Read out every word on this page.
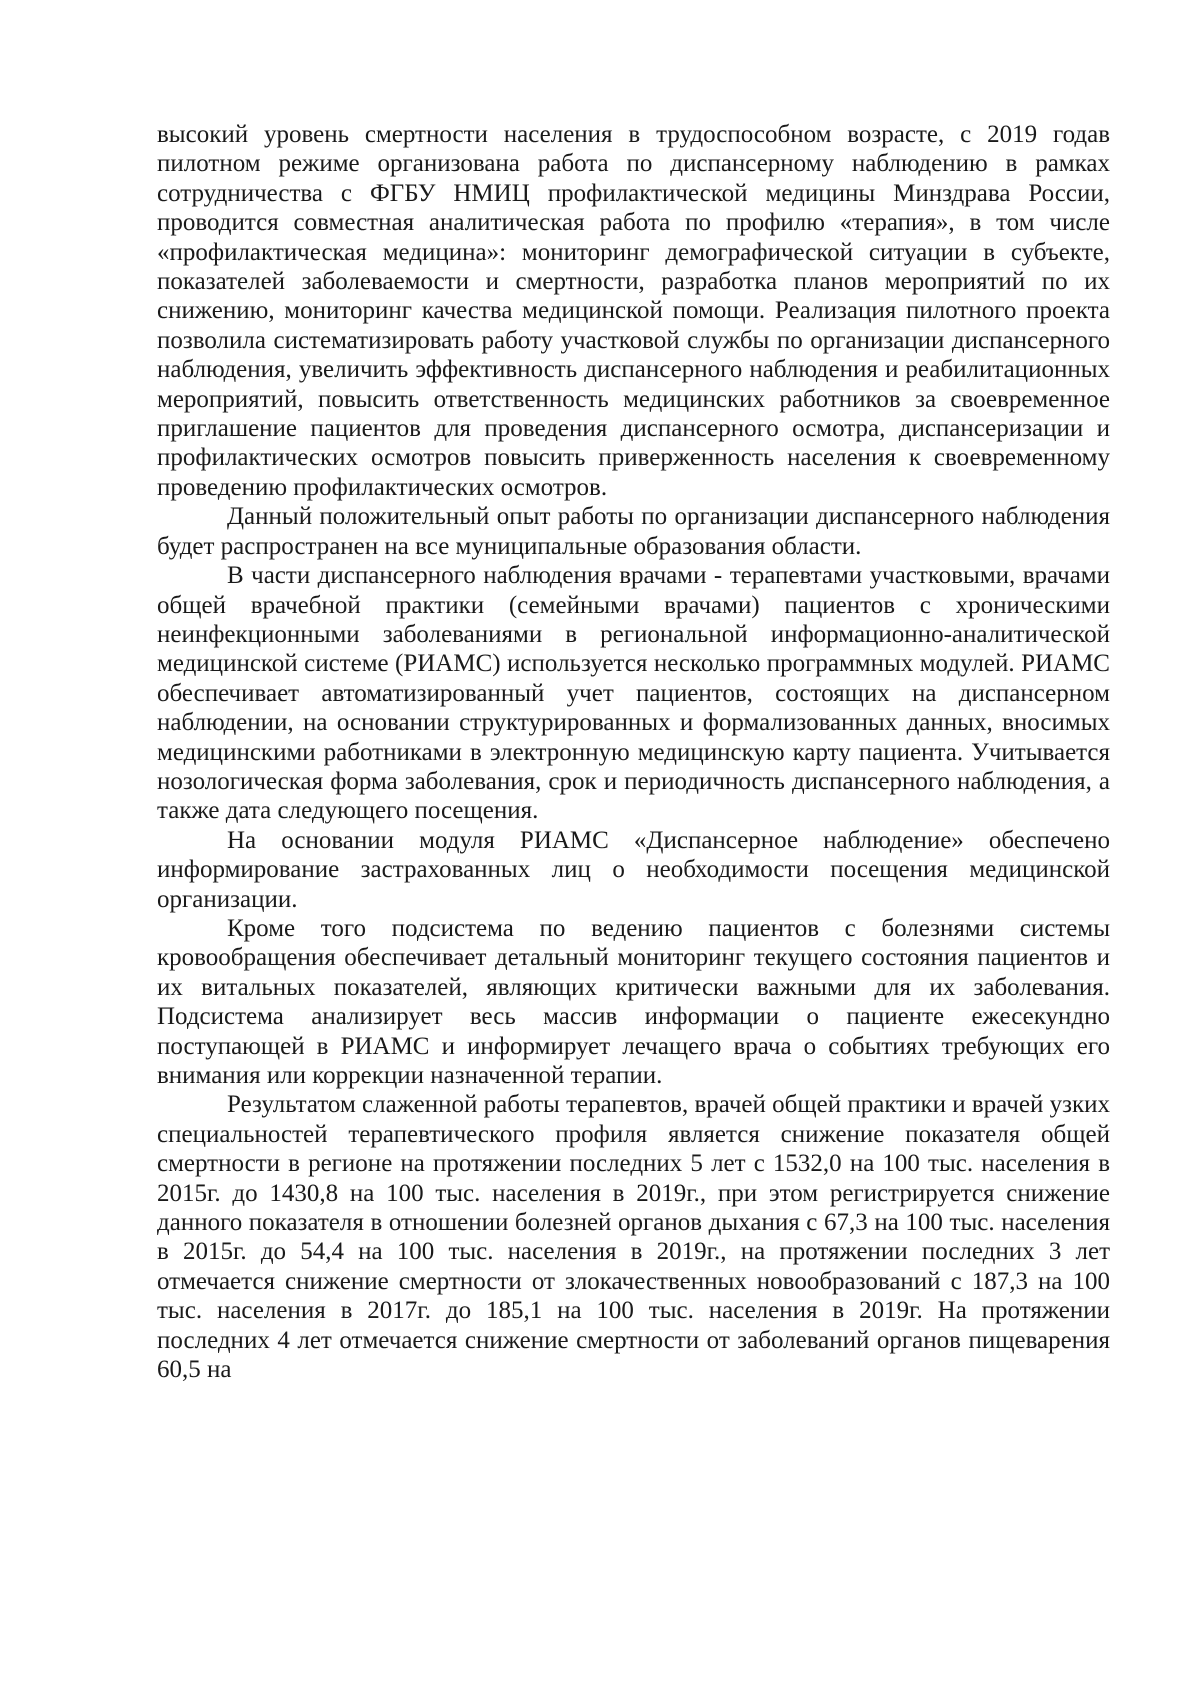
высокий уровень смертности населения в трудоспособном возрасте, с 2019 годав пилотном режиме организована работа по диспансерному наблюдению в рамках сотрудничества с ФГБУ НМИЦ профилактической медицины Минздрава России, проводится совместная аналитическая работа по профилю «терапия», в том числе «профилактическая медицина»: мониторинг демографической ситуации в субъекте, показателей заболеваемости и смертности, разработка планов мероприятий по их снижению, мониторинг качества медицинской помощи. Реализация пилотного проекта позволила систематизировать работу участковой службы по организации диспансерного наблюдения, увеличить эффективность диспансерного наблюдения и реабилитационных мероприятий, повысить ответственность медицинских работников за своевременное приглашение пациентов для проведения диспансерного осмотра, диспансеризации и профилактических осмотров повысить приверженность населения к своевременному проведению профилактических осмотров.

Данный положительный опыт работы по организации диспансерного наблюдения будет распространен на все муниципальные образования области.

В части диспансерного наблюдения врачами - терапевтами участковыми, врачами общей врачебной практики (семейными врачами) пациентов с хроническими неинфекционными заболеваниями в региональной информационно-аналитической медицинской системе (РИАМС) используется несколько программных модулей. РИАМС обеспечивает автоматизированный учет пациентов, состоящих на диспансерном наблюдении, на основании структурированных и формализованных данных, вносимых медицинскими работниками в электронную медицинскую карту пациента. Учитывается нозологическая форма заболевания, срок и периодичность диспансерного наблюдения, а также дата следующего посещения.

На основании модуля РИАМС «Диспансерное наблюдение» обеспечено информирование застрахованных лиц о необходимости посещения медицинской организации.

Кроме того подсистема по ведению пациентов с болезнями системы кровообращения обеспечивает детальный мониторинг текущего состояния пациентов и их витальных показателей, являющих критически важными для их заболевания. Подсистема анализирует весь массив информации о пациенте ежесекундно поступающей в РИАМС и информирует лечащего врача о событиях требующих его внимания или коррекции назначенной терапии.

Результатом слаженной работы терапевтов, врачей общей практики и врачей узких специальностей терапевтического профиля является снижение показателя общей смертности в регионе на протяжении последних 5 лет с 1532,0 на 100 тыс. населения в 2015г. до 1430,8 на 100 тыс. населения в 2019г., при этом регистрируется снижение данного показателя в отношении болезней органов дыхания с 67,3 на 100 тыс. населения в 2015г. до 54,4 на 100 тыс. населения в 2019г., на протяжении последних 3 лет отмечается снижение смертности от злокачественных новообразований с 187,3 на 100 тыс. населения в 2017г. до 185,1 на 100 тыс. населения в 2019г. На протяжении последних 4 лет отмечается снижение смертности от заболеваний органов пищеварения 60,5 на
